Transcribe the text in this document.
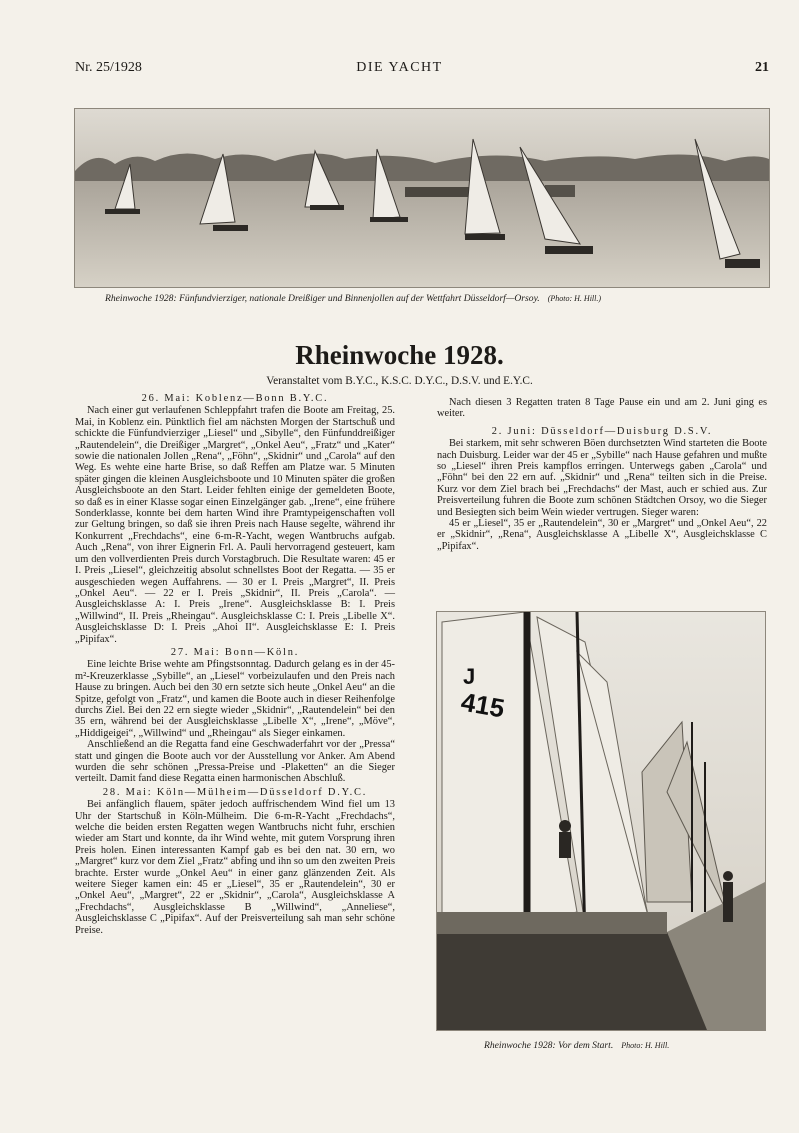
Nr. 25/1928	DIE YACHT	21
Rheinwoche 1928: Fünfundvierziger, nationale Dreißiger und Binnenjollen auf der Wettfahrt Düsseldorf—Orsoy. (Photo: H. Hill.)
Rheinwoche 1928.
Veranstaltet vom B.Y.C., K.S.C. D.Y.C., D.S.V. und E.Y.C.

26. Mai: Koblenz—Bonn B.Y.C.

Nach einer gut verlaufenen Schleppfahrt trafen die Boote am Freitag, 25. Mai, in Koblenz ein. Pünktlich fiel am nächsten Morgen der Startschuß und schickte die Fünfundvierziger „Liesel“ und „Sibylle“, den Fünfunddreißiger „Rautendelein“, die Dreißiger „Margret“, „Onkel Aeu“, „Fratz“ und „Kater“ sowie die nationalen Jollen „Rena“, „Föhn“, „Skidnir“ und „Carola“ auf den Weg. Es wehte eine harte Brise, so daß Reffen am Platze war. 5 Minuten später gingen die kleinen Ausgleichsboote und 10 Minuten später die großen Ausgleichsboote an den Start. Leider fehlten einige der gemeldeten Boote, so daß es in einer Klasse sogar einen Einzelgänger gab. „Irene“, eine frühere Sonderklasse, konnte bei dem harten Wind ihre Pramtypeigenschaften voll zur Geltung bringen, so daß sie ihren Preis nach Hause segelte, während ihr Konkurrent „Frechdachs“, eine 6-m-R-Yacht, wegen Wantbruchs aufgab. Auch „Rena“, von ihrer Eignerin Frl. A. Pauli hervorragend gesteuert, kam um den vollverdienten Preis durch Vorstagbruch. Die Resultate waren: 45 er I. Preis „Liesel“, gleichzeitig absolut schnellstes Boot der Regatta. — 35 er ausgeschieden wegen Auffahrens. — 30 er I. Preis „Margret“, II. Preis „Onkel Aeu“. — 22 er I. Preis „Skidnir“, II. Preis „Carola“. — Ausgleichsklasse A: I. Preis „Irene“. Ausgleichsklasse B: I. Preis „Willwind“, II. Preis „Rheingau“. Ausgleichsklasse C: I. Preis „Libelle X“. Ausgleichsklasse D: I. Preis „Ahoi II“. Ausgleichsklasse E: I. Preis „Pipifax“.

27. Mai: Bonn—Köln.

Eine leichte Brise wehte am Pfingstsonntag. Dadurch gelang es in der 45-m²-Kreuzerklasse „Sybille“, an „Liesel“ vorbeizulaufen und den Preis nach Hause zu bringen. Auch bei den 30 ern setzte sich heute „Onkel Aeu“ an die Spitze, gefolgt von „Fratz“, und kamen die Boote auch in dieser Reihenfolge durchs Ziel. Bei den 22 ern siegte wieder „Skidnir“, „Rautendelein“ bei den 35 ern, während bei der Ausgleichsklasse „Libelle X“, „Irene“, „Möve“, „Hiddigeigei“, „Willwind“ und „Rheingau“ als Sieger einkamen.

Anschließend an die Regatta fand eine Geschwaderfahrt vor der „Pressa“ statt und gingen die Boote auch vor der Ausstellung vor Anker. Am Abend wurden die sehr schönen „Pressa-Preise und -Plaketten“ an die Sieger verteilt. Damit fand diese Regatta einen harmonischen Abschluß.

28. Mai: Köln—Mülheim—Düsseldorf D.Y.C.

Bei anfänglich flauem, später jedoch auffrischendem Wind fiel um 13 Uhr der Startschuß in Köln-Mülheim. Die 6-m-R-Yacht „Frechdachs“, welche die beiden ersten Regatten wegen Wantbruchs nicht fuhr, erschien wieder am Start und konnte, da ihr Wind wehte, mit gutem Vorsprung ihren Preis holen. Einen interessanten Kampf gab es bei den nat. 30 ern, wo „Margret“ kurz vor dem Ziel „Fratz“ abfing und ihn so um den zweiten Preis brachte. Erster wurde „Onkel Aeu“ in einer ganz glänzenden Zeit. Als weitere Sieger kamen ein: 45 er „Liesel“, 35 er „Rautendelein“, 30 er „Onkel Aeu“, „Margret“, 22 er „Skidnir“, „Carola“, Ausgleichsklasse A „Frechdachs“, Ausgleichsklasse B „Willwind“, „Anneliese“, Ausgleichsklasse C „Pipifax“. Auf der Preisverteilung sah man sehr schöne Preise.

Nach diesen 3 Regatten traten 8 Tage Pause ein und am 2. Juni ging es weiter.

2. Juni: Düsseldorf—Duisburg D.S.V.

Bei starkem, mit sehr schweren Böen durchsetzten Wind starteten die Boote nach Duisburg. Leider war der 45 er „Sybille“ nach Hause gefahren und mußte so „Liesel“ ihren Preis kampflos erringen. Unterwegs gaben „Carola“ und „Föhn“ bei den 22 ern auf. „Skidnir“ und „Rena“ teilten sich in die Preise. Kurz vor dem Ziel brach bei „Frechdachs“ der Mast, auch er schied aus. Zur Preisverteilung fuhren die Boote zum schönen Städtchen Orsoy, wo die Sieger und Besiegten sich beim Wein wieder vertrugen. Sieger waren:

45 er „Liesel“, 35 er „Rautendelein“, 30 er „Margret“ und „Onkel Aeu“, 22 er „Skidnir“, „Rena“, Ausgleichsklasse A „Libelle X“, Ausgleichsklasse C „Pipifax“.

J
415
Rheinwoche 1928: Vor dem Start. Photo: H. Hill.
